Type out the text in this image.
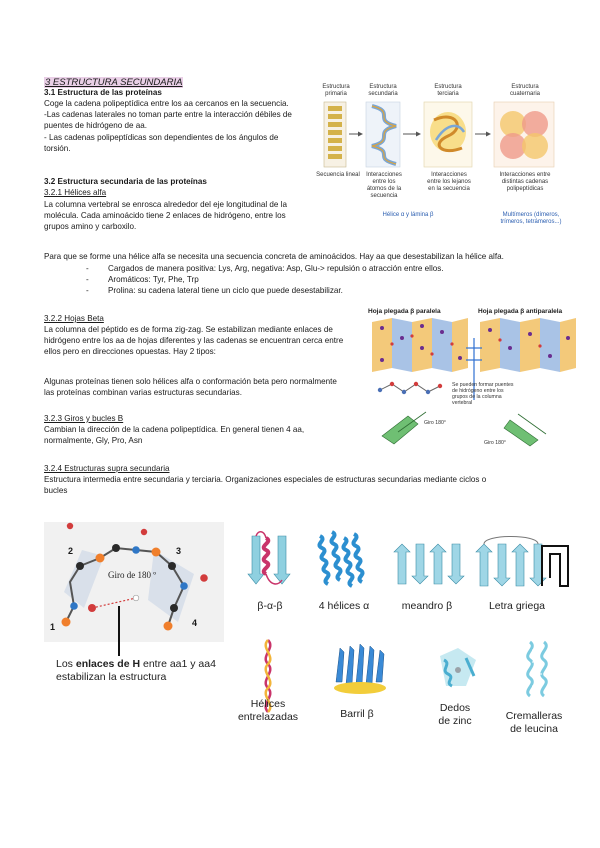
3 ESTRUCTURA SECUNDARIA
3.1 Estructura de las proteínas
Coge la cadena polipeptídica entre los aa cercanos en la secuencia.
-Las cadenas laterales no toman parte entre la interacción débiles de
puentes de hidrógeno de aa.
- Las cadenas polipeptídicas son dependientes de los ángulos de
torsión.
3.2 Estructura secundaria de las proteínas
3.2.1 Hélices alfa
La columna vertebral se enrosca alrededor del eje longitudinal de la
molécula. Cada aminoácido tiene 2 enlaces de hidrógeno, entre los
grupos amino y carboxilo.
Para que se forme una hélice alfa se necesita una secuencia concreta de aminoácidos. Hay aa que desestabilizan la hélice alfa.
- Cargados de manera positiva: Lys, Arg, negativa: Asp, Glu-> repulsión o atracción entre ellos.
- Aromáticos: Tyr, Phe, Trp
- Prolina: su cadena lateral tiene un ciclo que puede desestabilizar.
3.2.2 Hojas Beta
La columna del péptido es de forma zig-zag. Se estabilizan mediante enlaces de
hidrógeno entre los aa de hojas diferentes y las cadenas se encuentran cerca entre
ellos pero en direcciones opuestas. Hay 2 tipos:
Algunas proteínas tienen solo hélices alfa o conformación beta pero normalmente
las proteínas combinan varias estructuras secundarias.
3.2.3 Giros y bucles B
Cambian la dirección de la cadena polipeptídica. En general tienen 4 aa,
normalmente, Gly, Pro, Asn
3.2.4 Estructuras supra secundaria
Estructura intermedia entre secundaria y terciaria. Organizaciones especiales de estructuras secundarias mediante ciclos o
bucles
Estructura primaria
Estructura secundaria
Estructura terciaria
Estructura cuaternaria
Secuencia lineal	Interacciones entre los átomos de la secuencia
Interacciones entre los lejanos en la secuencia
Interacciones entre distintas cadenas polipeptídicas
Hélice α y lámina β	Multímeros (dímeros, trímeros, tetrámeros...)
Hoja plegada β paralela	Hoja plegada β antiparalela
Se pueden formar puentes de hidrógeno entre los grupos de la columna vertebral
Giro 180°
Giro 180°
Giro de 180 º
1
2	3
4
Los enlaces de H entre aa1 y aa4
estabilizan la estructura
β-α-β	4 hélices α	meandro β	Letra griega
Hélices
entrelazadas	Barril β	Dedos
de zinc	Cremalleras
de leucina
